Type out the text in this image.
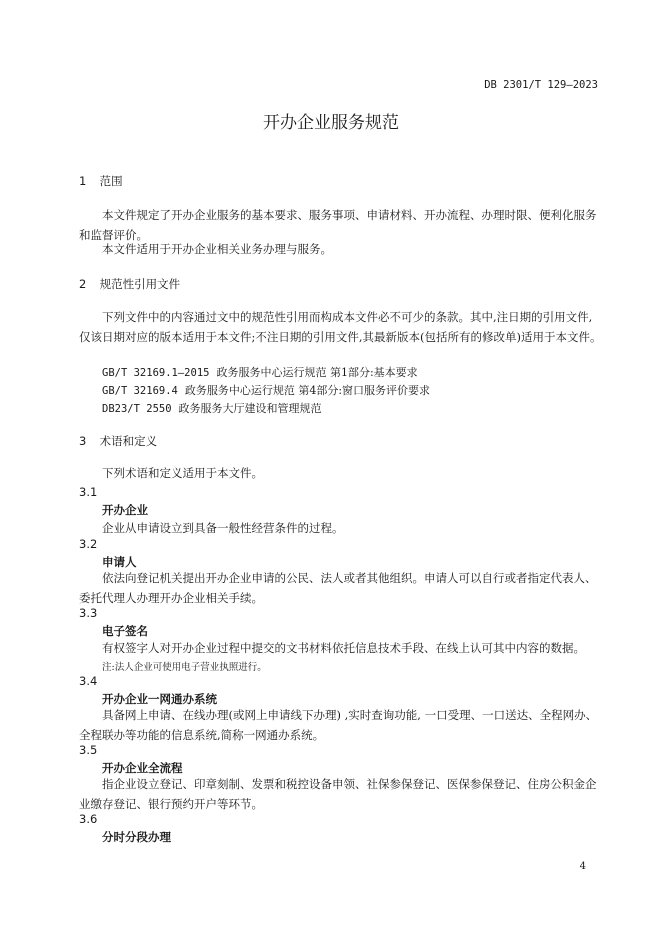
DB 2301/T 129—2023
开办企业服务规范
1 范围
本文件规定了开办企业服务的基本要求、服务事项、申请材料、开办流程、办理时限、便利化服务和监督评价。
本文件适用于开办企业相关业务办理与服务。
2 规范性引用文件
下列文件中的内容通过文中的规范性引用而构成本文件必不可少的条款。其中,注日期的引用文件,仅该日期对应的版本适用于本文件;不注日期的引用文件,其最新版本(包括所有的修改单)适用于本文件。
GB/T 32169.1—2015 政务服务中心运行规范 第1部分:基本要求
GB/T 32169.4 政务服务中心运行规范 第4部分:窗口服务评价要求
DB23/T 2550 政务服务大厅建设和管理规范
3 术语和定义
下列术语和定义适用于本文件。
3.1
开办企业
企业从申请设立到具备一般性经营条件的过程。
3.2
申请人
依法向登记机关提出开办企业申请的公民、法人或者其他组织。申请人可以自行或者指定代表人、委托代理人办理开办企业相关手续。
3.3
电子签名
有权签字人对开办企业过程中提交的文书材料依托信息技术手段、在线上认可其中内容的数据。
注:法人企业可使用电子营业执照进行。
3.4
开办企业一网通办系统
具备网上申请、在线办理(或网上申请线下办理) ,实时查询功能, 一口受理、一口送达、全程网办、全程联办等功能的信息系统,简称一网通办系统。
3.5
开办企业全流程
指企业设立登记、印章刻制、发票和税控设备申领、社保参保登记、医保参保登记、住房公积金企业缴存登记、银行预约开户等环节。
3.6
分时分段办理
4
